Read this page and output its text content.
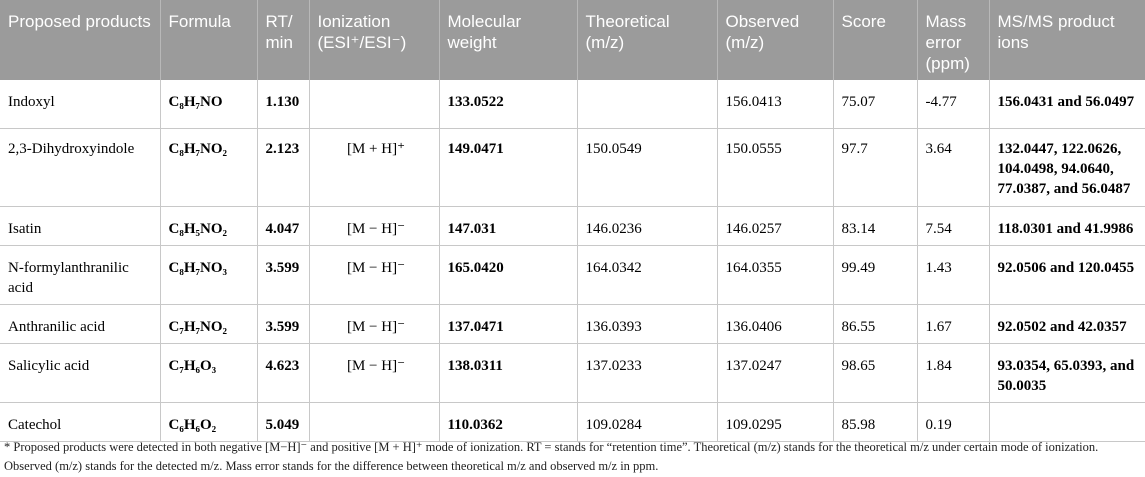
Proposed products	Formula	RT/ min	Ionization (ESI⁺/ESI⁻)	Molecular weight	Theoretical (m/z)	Observed (m/z)	Score	Mass error (ppm)	MS/MS product ions
Indoxyl	C₈H₇NO	1.130		133.0522		156.0413	75.07	-4.77	156.0431 and 56.0497
2,3-Dihydroxyindole	C₈H₇NO₂	2.123	[M + H]⁺	149.0471	150.0549	150.0555	97.7	3.64	132.0447, 122.0626, 104.0498, 94.0640, 77.0387, and 56.0487
Isatin	C₈H₅NO₂	4.047	[M − H]⁻	147.031	146.0236	146.0257	83.14	7.54	118.0301 and 41.9986
N-formylanthranilic acid	C₈H₇NO₃	3.599	[M − H]⁻	165.0420	164.0342	164.0355	99.49	1.43	92.0506 and 120.0455
Anthranilic acid	C₇H₇NO₂	3.599	[M − H]⁻	137.0471	136.0393	136.0406	86.55	1.67	92.0502 and 42.0357
Salicylic acid	C₇H₆O₃	4.623	[M − H]⁻	138.0311	137.0233	137.0247	98.65	1.84	93.0354, 65.0393, and 50.0035
Catechol	C₆H₆O₂	5.049		110.0362	109.0284	109.0295	85.98	0.19	
* Proposed products were detected in both negative [M−H]⁻ and positive [M + H]⁺ mode of ionization. RT = stands for “retention time”. Theoretical (m/z) stands for the theoretical m/z under certain mode of ionization. Observed (m/z) stands for the detected m/z. Mass error stands for the difference between theoretical m/z and observed m/z in ppm.
